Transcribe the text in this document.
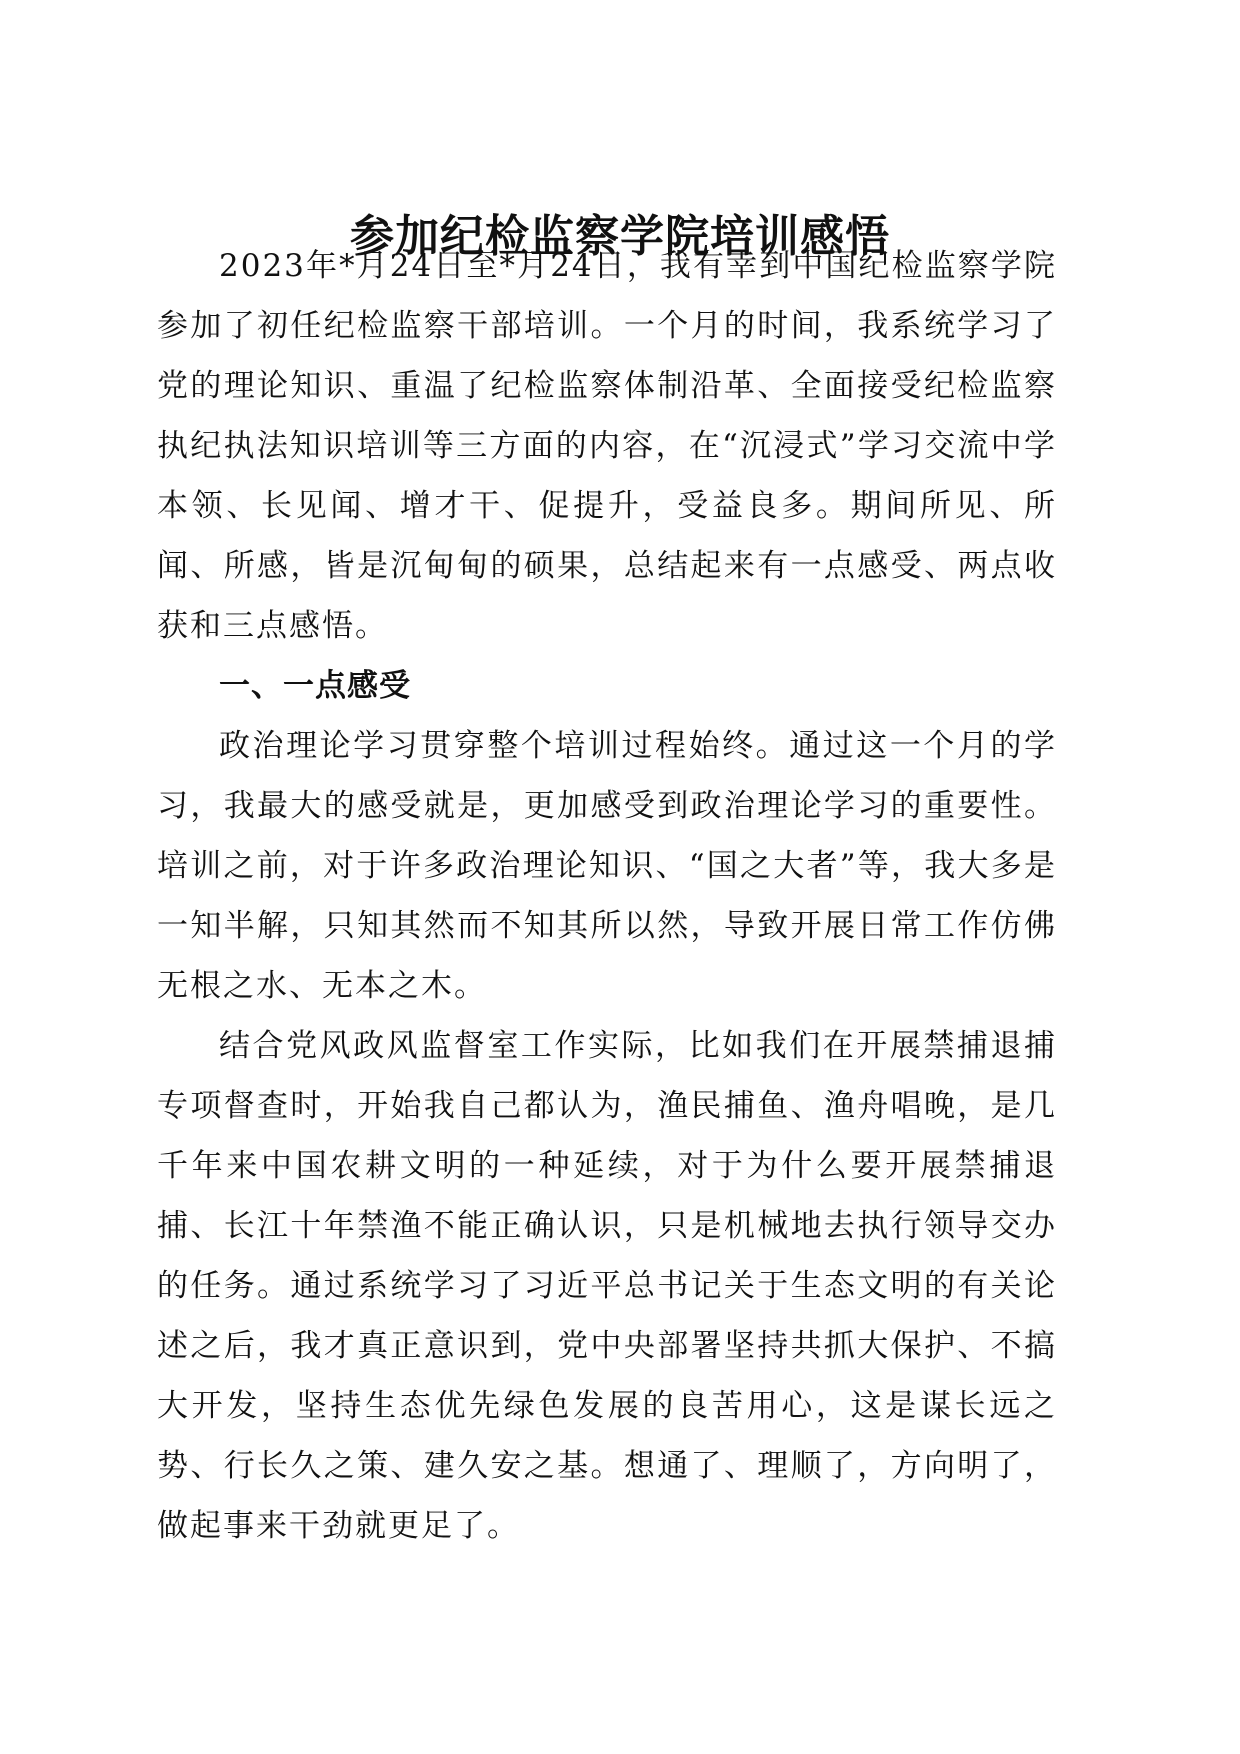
参加纪检监察学院培训感悟

2023年*月24日至*月24日，我有幸到中国纪检监察学院参加了初任纪检监察干部培训。一个月的时间，我系统学习了党的理论知识、重温了纪检监察体制沿革、全面接受纪检监察执纪执法知识培训等三方面的内容，在“沉浸式”学习交流中学本领、长见闻、增才干、促提升，受益良多。期间所见、所闻、所感，皆是沉甸甸的硕果，总结起来有一点感受、两点收获和三点感悟。

一、一点感受

政治理论学习贯穿整个培训过程始终。通过这一个月的学习，我最大的感受就是，更加感受到政治理论学习的重要性。培训之前，对于许多政治理论知识、“国之大者”等，我大多是一知半解，只知其然而不知其所以然，导致开展日常工作仿佛无根之水、无本之木。

结合党风政风监督室工作实际，比如我们在开展禁捕退捕专项督查时，开始我自己都认为，渔民捕鱼、渔舟唱晚，是几千年来中国农耕文明的一种延续，对于为什么要开展禁捕退捕、长江十年禁渔不能正确认识，只是机械地去执行领导交办的任务。通过系统学习了习近平总书记关于生态文明的有关论述之后，我才真正意识到，党中央部署坚持共抓大保护、不搞大开发，坚持生态优先绿色发展的良苦用心，这是谋长远之势、行长久之策、建久安之基。想通了、理顺了，方向明了，做起事来干劲就更足了。
